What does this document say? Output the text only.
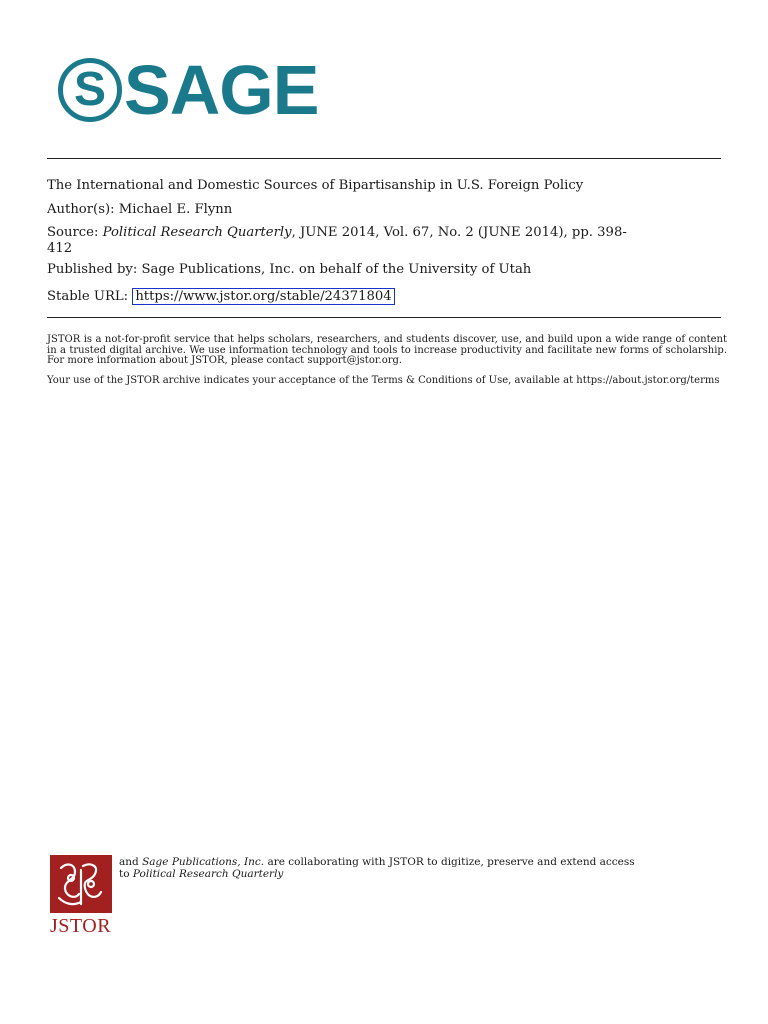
S SAGE
The International and Domestic Sources of Bipartisanship in U.S. Foreign Policy
Author(s): Michael E. Flynn
Source: Political Research Quarterly, JUNE 2014, Vol. 67, No. 2 (JUNE 2014), pp. 398-
412
Published by: Sage Publications, Inc. on behalf of the University of Utah
Stable URL: https://www.jstor.org/stable/24371804
JSTOR is a not-for-profit service that helps scholars, researchers, and students discover, use, and build upon a wide range of content in a trusted digital archive. We use information technology and tools to increase productivity and facilitate new forms of scholarship. For more information about JSTOR, please contact support@jstor.org.
Your use of the JSTOR archive indicates your acceptance of the Terms & Conditions of Use, available at https://about.jstor.org/terms
JSTOR
and Sage Publications, Inc. are collaborating with JSTOR to digitize, preserve and extend access
to Political Research Quarterly
